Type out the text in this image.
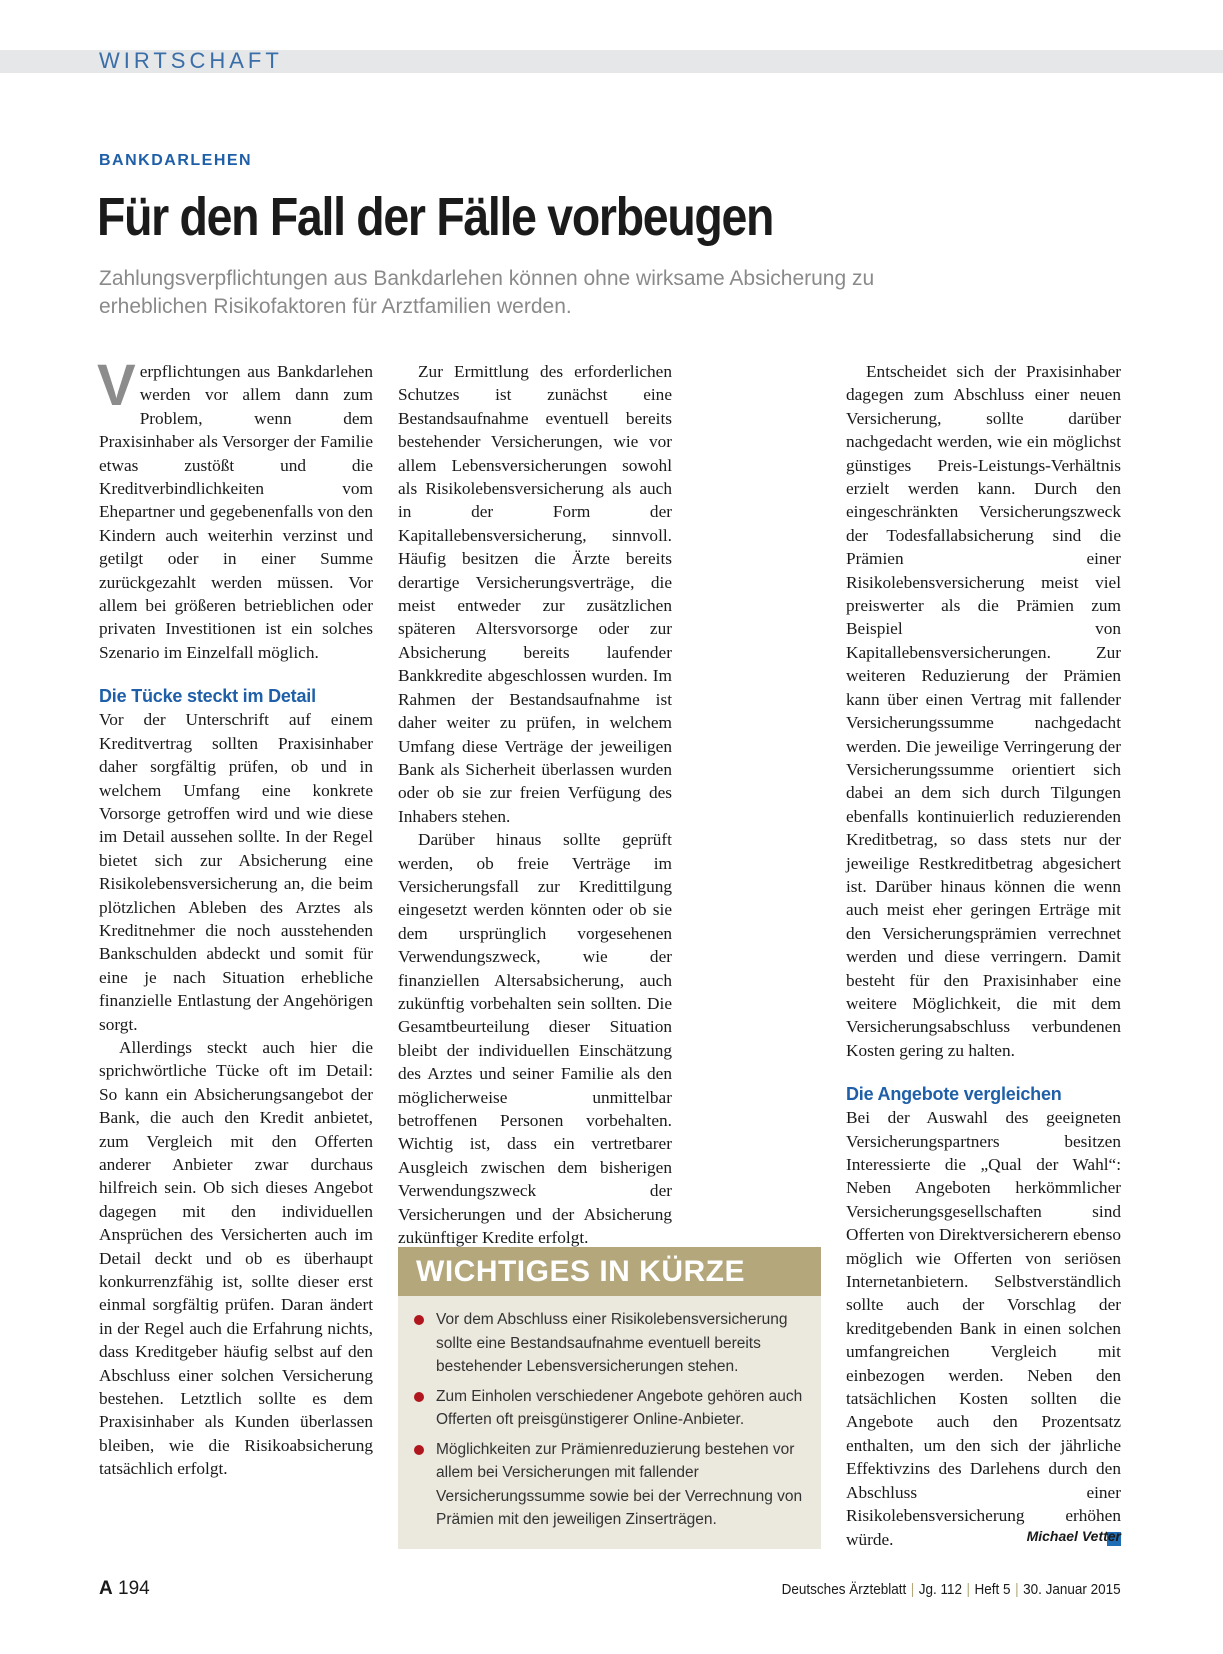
WIRTSCHAFT
BANKDARLEHEN
Für den Fall der Fälle vorbeugen
Zahlungsverpflichtungen aus Bankdarlehen können ohne wirksame Absicherung zu erheblichen Risikofaktoren für Arztfamilien werden.

Verpflichtungen aus Bankdarlehen werden vor allem dann zum Problem, wenn dem Praxisinhaber als Versorger der Familie etwas zustößt und die Kreditverbindlichkeiten vom Ehepartner und gegebenenfalls von den Kindern auch weiterhin verzinst und getilgt oder in einer Summe zurückgezahlt werden müssen. Vor allem bei größeren betrieblichen oder privaten Investitionen ist ein solches Szenario im Einzelfall möglich.

Die Tücke steckt im Detail

Vor der Unterschrift auf einem Kreditvertrag sollten Praxisinhaber daher sorgfältig prüfen, ob und in welchem Umfang eine konkrete Vorsorge getroffen wird und wie diese im Detail aussehen sollte. In der Regel bietet sich zur Absicherung eine Risikolebensversicherung an, die beim plötzlichen Ableben des Arztes als Kreditnehmer die noch ausstehenden Bankschulden abdeckt und somit für eine je nach Situation erhebliche finanzielle Entlastung der Angehörigen sorgt.

Allerdings steckt auch hier die sprichwörtliche Tücke oft im Detail: So kann ein Absicherungsangebot der Bank, die auch den Kredit anbietet, zum Vergleich mit den Offerten anderer Anbieter zwar durchaus hilfreich sein. Ob sich dieses Angebot dagegen mit den individuellen Ansprüchen des Versicherten auch im Detail deckt und ob es überhaupt konkurrenzfähig ist, sollte dieser erst einmal sorgfältig prüfen. Daran ändert in der Regel auch die Erfahrung nichts, dass Kreditgeber häufig selbst auf den Abschluss einer solchen Versicherung bestehen. Letztlich sollte es dem Praxisinhaber als Kunden überlassen bleiben, wie die Risikoabsicherung tatsächlich erfolgt.

Zur Ermittlung des erforderlichen Schutzes ist zunächst eine Bestandsaufnahme eventuell bereits bestehender Versicherungen, wie vor allem Lebensversicherungen sowohl als Risikolebensversicherung als auch in der Form der Kapitallebensversicherung, sinnvoll. Häufig besitzen die Ärzte bereits derartige Versicherungsverträge, die meist entweder zur zusätzlichen späteren Altersvorsorge oder zur Absicherung bereits laufender Bankkredite abgeschlossen wurden. Im Rahmen der Bestandsaufnahme ist daher weiter zu prüfen, in welchem Umfang diese Verträge der jeweiligen Bank als Sicherheit überlassen wurden oder ob sie zur freien Verfügung des Inhabers stehen.

Darüber hinaus sollte geprüft werden, ob freie Verträge im Versicherungsfall zur Kredittilgung eingesetzt werden könnten oder ob sie dem ursprünglich vorgesehenen Verwendungszweck, wie der finanziellen Altersabsicherung, auch zukünftig vorbehalten sein sollten. Die Gesamtbeurteilung dieser Situation bleibt der individuellen Einschätzung des Arztes und seiner Familie als den möglicherweise unmittelbar betroffenen Personen vorbehalten. Wichtig ist, dass ein vertretbarer Ausgleich zwischen dem bisherigen Verwendungszweck der Versicherungen und der Absicherung zukünftiger Kredite erfolgt.

Entscheidet sich der Praxisinhaber dagegen zum Abschluss einer neuen Versicherung, sollte darüber nachgedacht werden, wie ein möglichst günstiges Preis-Leistungs-Verhältnis erzielt werden kann. Durch den eingeschränkten Versicherungszweck der Todesfallabsicherung sind die Prämien einer Risikolebensversicherung meist viel preiswerter als die Prämien zum Beispiel von Kapitallebensversicherungen. Zur weiteren Reduzierung der Prämien kann über einen Vertrag mit fallender Versicherungssumme nachgedacht werden. Die jeweilige Verringerung der Versicherungssumme orientiert sich dabei an dem sich durch Tilgungen ebenfalls kontinuierlich reduzierenden Kreditbetrag, so dass stets nur der jeweilige Restkreditbetrag abgesichert ist. Darüber hinaus können die wenn auch meist eher geringen Erträge mit den Versicherungsprämien verrechnet werden und diese verringern. Damit besteht für den Praxisinhaber eine weitere Möglichkeit, die mit dem Versicherungsabschluss verbundenen Kosten gering zu halten.

Die Angebote vergleichen

Bei der Auswahl des geeigneten Versicherungspartners besitzen Interessierte die „Qual der Wahl“: Neben Angeboten herkömmlicher Versicherungsgesellschaften sind Offerten von Direktversicherern ebenso möglich wie Offerten von seriösen Internetanbietern. Selbstverständlich sollte auch der Vorschlag der kreditgebenden Bank in einen solchen umfangreichen Vergleich mit einbezogen werden. Neben den tatsächlichen Kosten sollten die Angebote auch den Prozentsatz enthalten, um den sich der jährliche Effektivzins des Darlehens durch den Abschluss einer Risikolebensversicherung erhöhen würde.	Michael Vetter
WICHTIGES IN KÜRZE
Vor dem Abschluss einer Risikolebensversicherung sollte eine Bestandsaufnahme eventuell bereits bestehender Lebensversicherungen stehen.
Zum Einholen verschiedener Angebote gehören auch Offerten oft preisgünstigerer Online-Anbieter.
Möglichkeiten zur Prämienreduzierung bestehen vor allem bei Versicherungen mit fallender Versicherungssumme sowie bei der Verrechnung von Prämien mit den jeweiligen Zinserträgen.
A 194	Deutsches Ärzteblatt | Jg. 112 | Heft 5 | 30. Januar 2015
